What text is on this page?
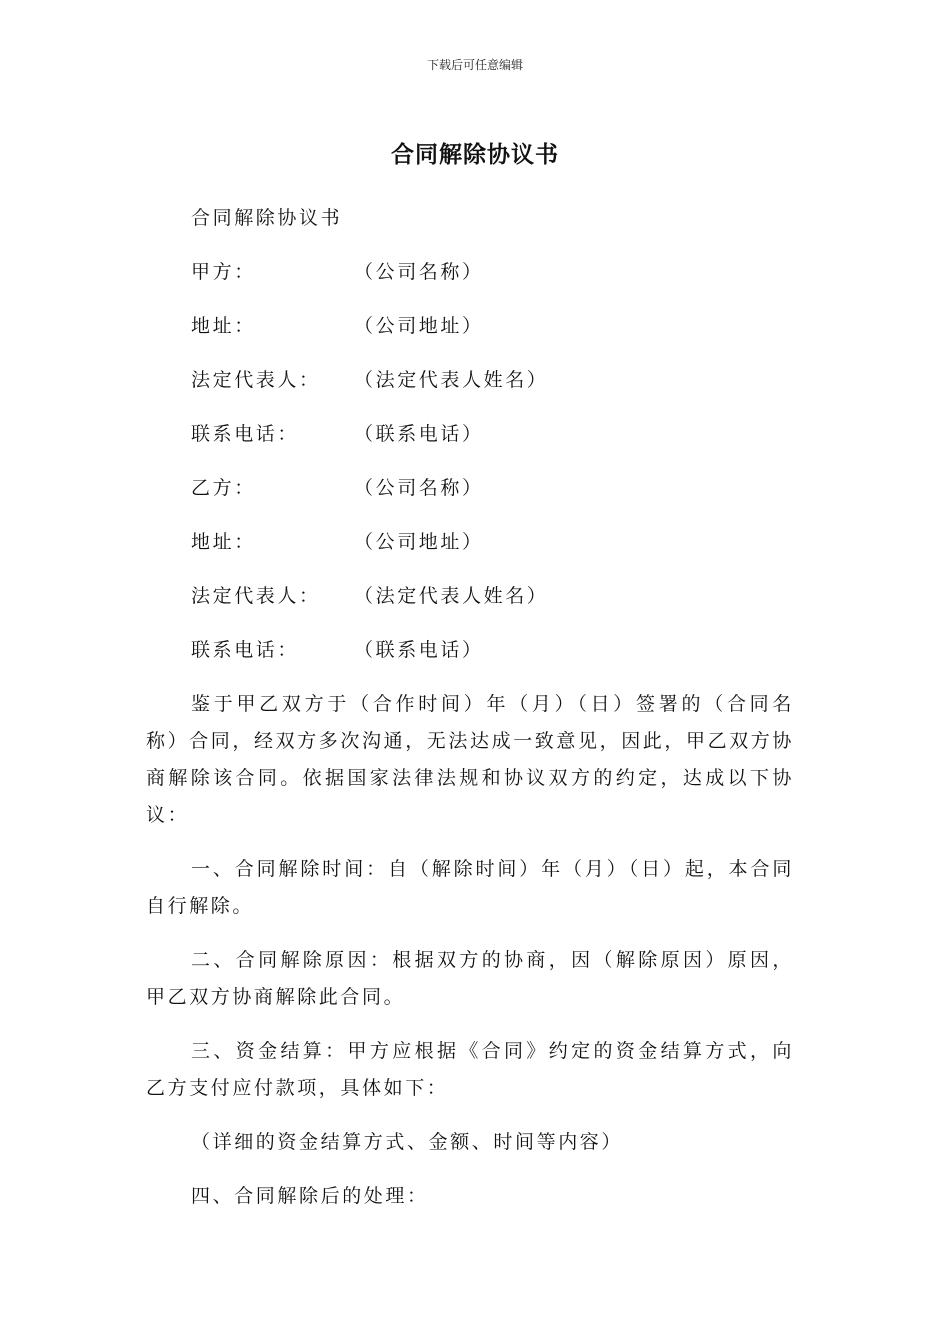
下载后可任意编辑
合同解除协议书
合同解除协议书
甲方：	（公司名称）
地址：	（公司地址）
法定代表人：	（法定代表人姓名）
联系电话：	（联系电话）
乙方：	（公司名称）
地址：	（公司地址）
法定代表人：	（法定代表人姓名）
联系电话：	（联系电话）

鉴于甲乙双方于（合作时间）年（月）（日）签署的（合同名称）合同，经双方多次沟通，无法达成一致意见，因此，甲乙双方协商解除该合同。依据国家法律法规和协议双方的约定，达成以下协议：

一、合同解除时间：自（解除时间）年（月）（日）起，本合同自行解除。

二、合同解除原因：根据双方的协商，因（解除原因）原因，甲乙双方协商解除此合同。

三、资金结算：甲方应根据《合同》约定的资金结算方式，向乙方支付应付款项，具体如下：

（详细的资金结算方式、金额、时间等内容）

四、合同解除后的处理：
